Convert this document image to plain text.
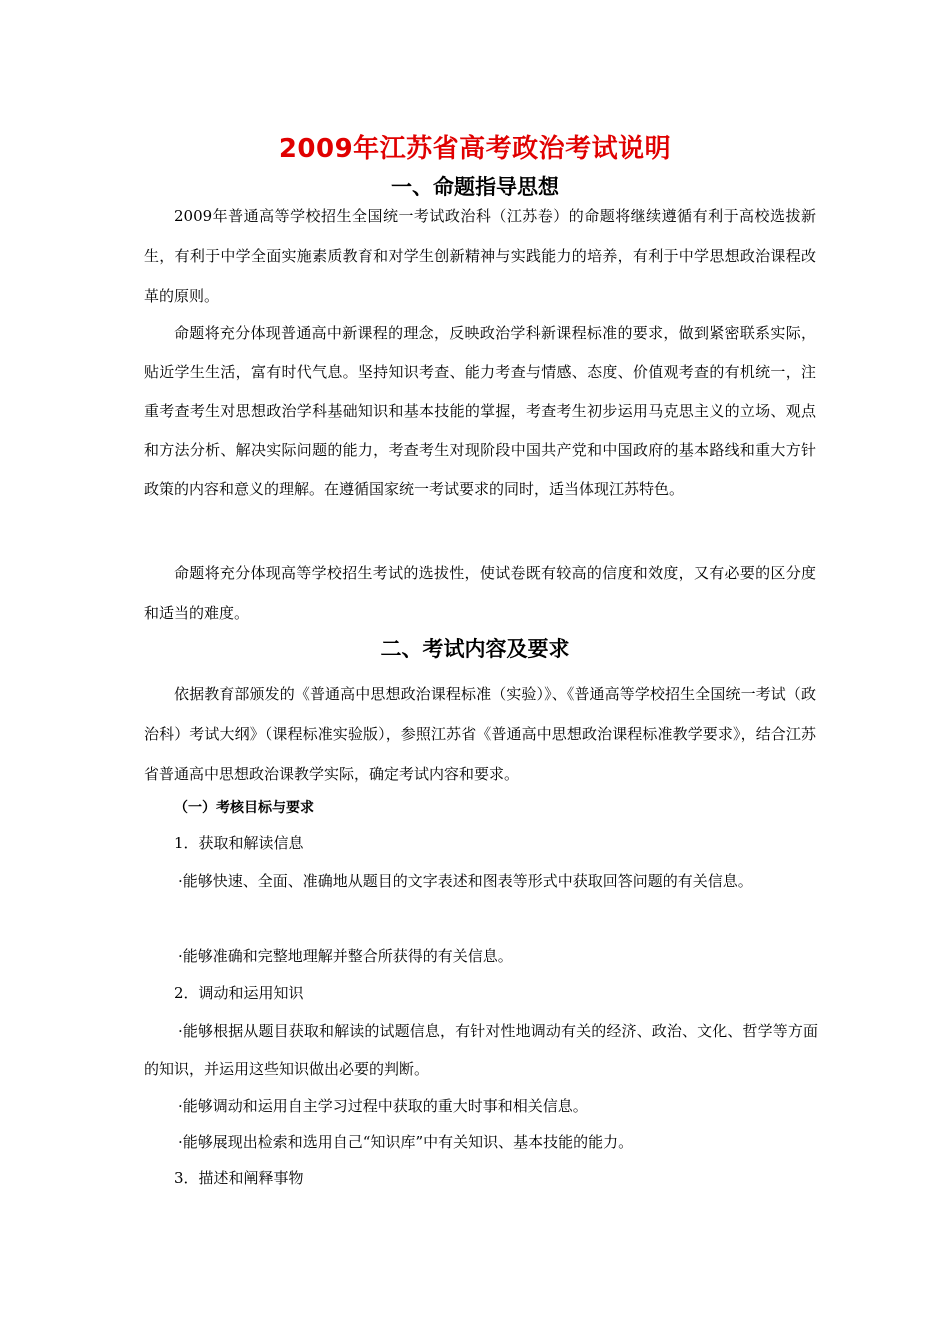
2009年江苏省高考政治考试说明
一、命题指导思想

2009年普通高等学校招生全国统一考试政治科（江苏卷）的命题将继续遵循有利于高校选拔新生，有利于中学全面实施素质教育和对学生创新精神与实践能力的培养，有利于中学思想政治课程改革的原则。

命题将充分体现普通高中新课程的理念，反映政治学科新课程标准的要求，做到紧密联系实际，贴近学生生活，富有时代气息。坚持知识考查、能力考查与情感、态度、价值观考查的有机统一，注重考查考生对思想政治学科基础知识和基本技能的掌握，考查考生初步运用马克思主义的立场、观点和方法分析、解决实际问题的能力，考查考生对现阶段中国共产党和中国政府的基本路线和重大方针政策的内容和意义的理解。在遵循国家统一考试要求的同时，适当体现江苏特色。

命题将充分体现高等学校招生考试的选拔性，使试卷既有较高的信度和效度，又有必要的区分度和适当的难度。

二、考试内容及要求

依据教育部颁发的《普通高中思想政治课程标准（实验）》、《普通高等学校招生全国统一考试（政治科）考试大纲》（课程标准实验版），参照江苏省《普通高中思想政治课程标准教学要求》，结合江苏省普通高中思想政治课教学实际，确定考试内容和要求。

（一）考核目标与要求
1．获取和解读信息

·能够快速、全面、准确地从题目的文字表述和图表等形式中获取回答问题的有关信息。

·能够准确和完整地理解并整合所获得的有关信息。
2．调动和运用知识

·能够根据从题目获取和解读的试题信息，有针对性地调动有关的经济、政治、文化、哲学等方面的知识，并运用这些知识做出必要的判断。

·能够调动和运用自主学习过程中获取的重大时事和相关信息。
·能够展现出检索和选用自己“知识库”中有关知识、基本技能的能力。
3．描述和阐释事物
